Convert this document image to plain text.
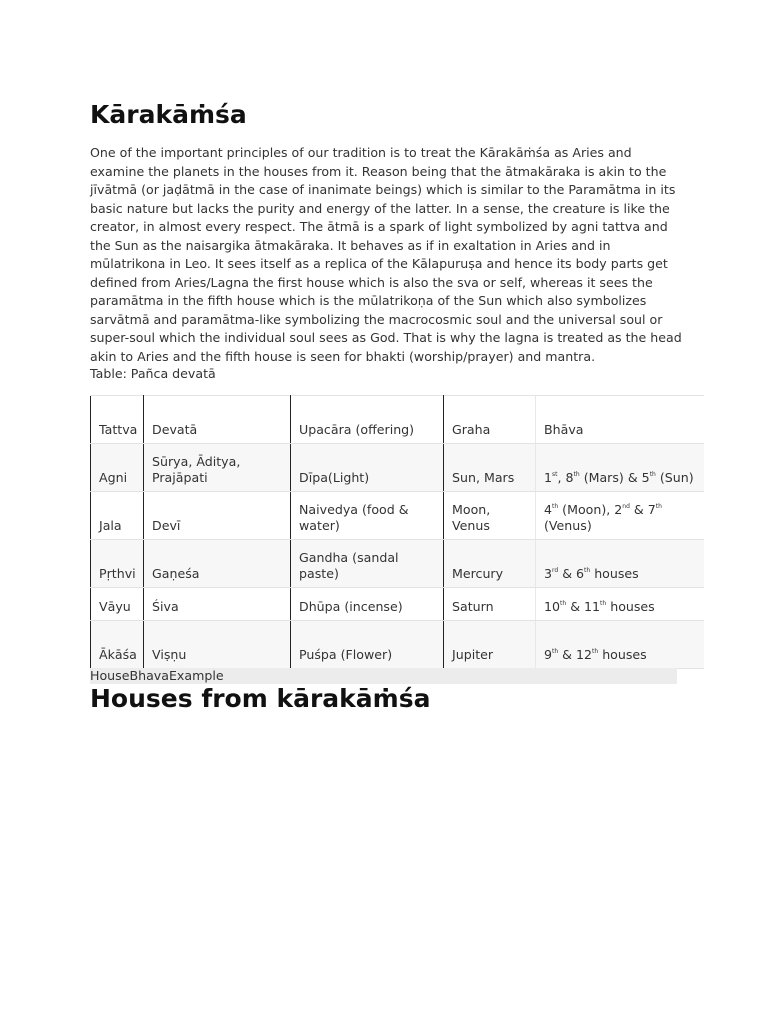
Kārakāṁśa

One of the important principles of our tradition is to treat the Kārakāṁśa as Aries and examine the planets in the houses from it. Reason being that the ātmakāraka is akin to the jīvātmā (or jaḍātmā in the case of inanimate beings) which is similar to the Paramātma in its basic nature but lacks the purity and energy of the latter. In a sense, the creature is like the creator, in almost every respect. The ātmā is a spark of light symbolized by agni tattva and the Sun as the naisargika ātmakāraka. It behaves as if in exaltation in Aries and in mūlatrikona in Leo. It sees itself as a replica of the Kālapuruṣa and hence its body parts get defined from Aries/Lagna the first house which is also the sva or self, whereas it sees the paramātma in the fifth house which is the mūlatrikoṇa of the Sun which also symbolizes sarvātmā and paramātma-like symbolizing the macrocosmic soul and the universal soul or super-soul which the individual soul sees as God. That is why the lagna is treated as the head akin to Aries and the fifth house is seen for bhakti (worship/prayer) and mantra.

Table: Pañca devatā
Tattva	Devatā	Upacāra (offering)	Graha	Bhāva
Agni	Sūrya, Āditya, Prajāpati	Dīpa(Light)	Sun, Mars	1st, 8th (Mars) & 5th (Sun)
Jala	Devī	Naivedya (food & water)	Moon, Venus	4th (Moon), 2nd & 7th (Venus)
Pṛthvi	Gaṇeśa	Gandha (sandal paste)	Mercury	3rd & 6th houses
Vāyu	Śiva	Dhūpa (incense)	Saturn	10th & 11th houses
Ākāśa	Viṣṇu	Puśpa (Flower)	Jupiter	9th & 12th houses
HouseBhavaExample
Houses from kārakāṁśa
